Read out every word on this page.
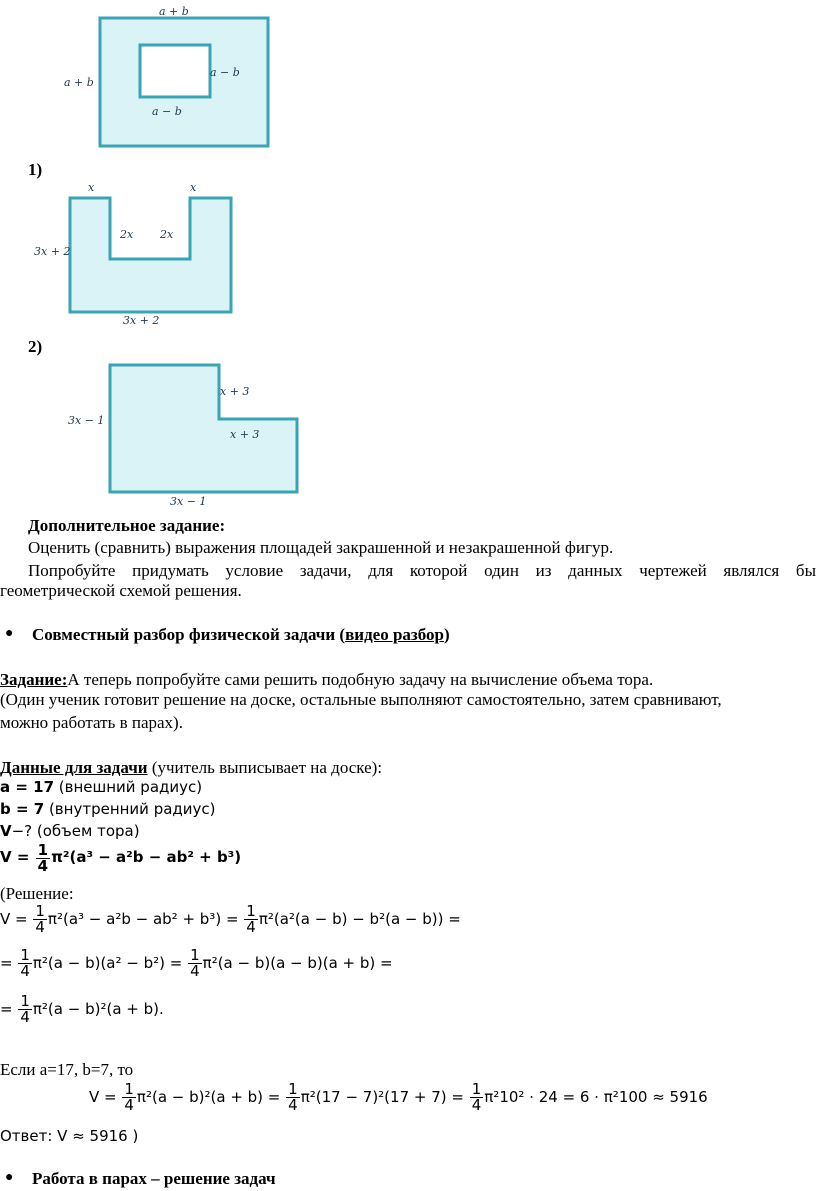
a + b
a + b
a − b
a − b
1)
x	x
2x 2x
3x + 2
3x + 2
2)
x + 3
x + 3
3x − 1
3x − 1
Дополнительное задание:
Оценить (сравнить) выражения площадей закрашенной и незакрашенной фигур.
Попробуйте придумать условие задачи, для которой один из данных чертежей являлся бы
геометрической схемой решения.
● Совместный разбор физической задачи (видео разбор)
Задание:А теперь попробуйте сами решить подобную задачу на вычисление объема тора.
(Один ученик готовит решение на доске, остальные выполняют самостоятельно, затем сравнивают,
можно работать в парах).
Данные для задачи (учитель выписывает на доске):
a = 17 (внешний радиус)
b = 7 (внутренний радиус)
V−? (объем тора)
$V = \frac{1}{4} \pi^2(a^3 - a^2b - ab^2 + b^3)$
(Решение:
$V = \frac{1}{4} \pi^2(a^3 - a^2b - ab^2 + b^3) = \frac{1}{4} \pi^2(a^2(a - b) - b^2(a - b))$ =
= $\frac{1}{4} \pi^2(a - b)(a^2 - b^2) = \frac{1}{4} \pi^2(a - b)(a - b)(a + b)$ =
= $\frac{1}{4} \pi^2(a - b)^2(a + b)$.
Если a=17, b=7, то
$V = \frac{1}{4} \pi^2(a - b)^2(a + b) = \frac{1}{4} \pi^2(17 - 7)^2(17 + 7) = \frac{1}{4} \pi^210^2 \cdot 24 = 6 \cdot \pi^2100 \approx 5916$
Ответ: V ≈ 5916 )
● Работа в парах – решение задач
